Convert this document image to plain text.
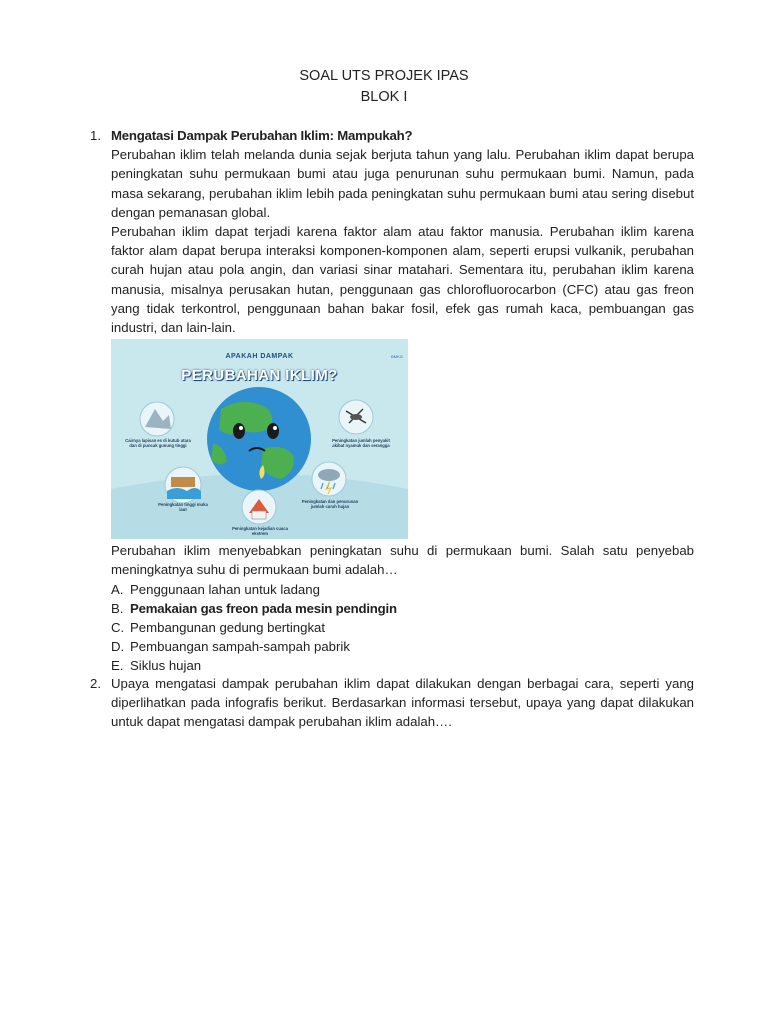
SOAL UTS PROJEK IPAS
BLOK I
1. Mengatasi Dampak Perubahan Iklim: Mampukah?

Perubahan iklim telah melanda dunia sejak berjuta tahun yang lalu. Perubahan iklim dapat berupa peningkatan suhu permukaan bumi atau juga penurunan suhu permukaan bumi. Namun, pada masa sekarang, perubahan iklim lebih pada peningkatan suhu permukaan bumi atau sering disebut dengan pemanasan global.

Perubahan iklim dapat terjadi karena faktor alam atau faktor manusia. Perubahan iklim karena faktor alam dapat berupa interaksi komponen-komponen alam, seperti erupsi vulkanik, perubahan curah hujan atau pola angin, dan variasi sinar matahari. Sementara itu, perubahan iklim karena manusia, misalnya perusakan hutan, penggunaan gas chlorofluorocarbon (CFC) atau gas freon yang tidak terkontrol, penggunaan bahan bakar fosil, efek gas rumah kaca, pembuangan gas industri, dan lain-lain.

APAKAH DAMPAK
PERUBAHAN IKLIM?
BMKG
Cairnya lapisan es di kutub utara dan di puncak gunung tinggi
Peningkatan jumlah penyakit akibat nyamuk dan serangga
Peningkatan tinggi muka laut
Peningkatan dan penurunan jumlah curah hujan
Peningkatan kejadian cuaca ekstrem

Perubahan iklim menyebabkan peningkatan suhu di permukaan bumi. Salah satu penyebab meningkatnya suhu di permukaan bumi adalah…

A. Penggunaan lahan untuk ladang
B. Pemakaian gas freon pada mesin pendingin
C. Pembangunan gedung bertingkat
D. Pembuangan sampah-sampah pabrik
E. Siklus hujan
2. Upaya mengatasi dampak perubahan iklim dapat dilakukan dengan berbagai cara, seperti yang diperlihatkan pada infografis berikut. Berdasarkan informasi tersebut, upaya yang dapat dilakukan untuk dapat mengatasi dampak perubahan iklim adalah….
